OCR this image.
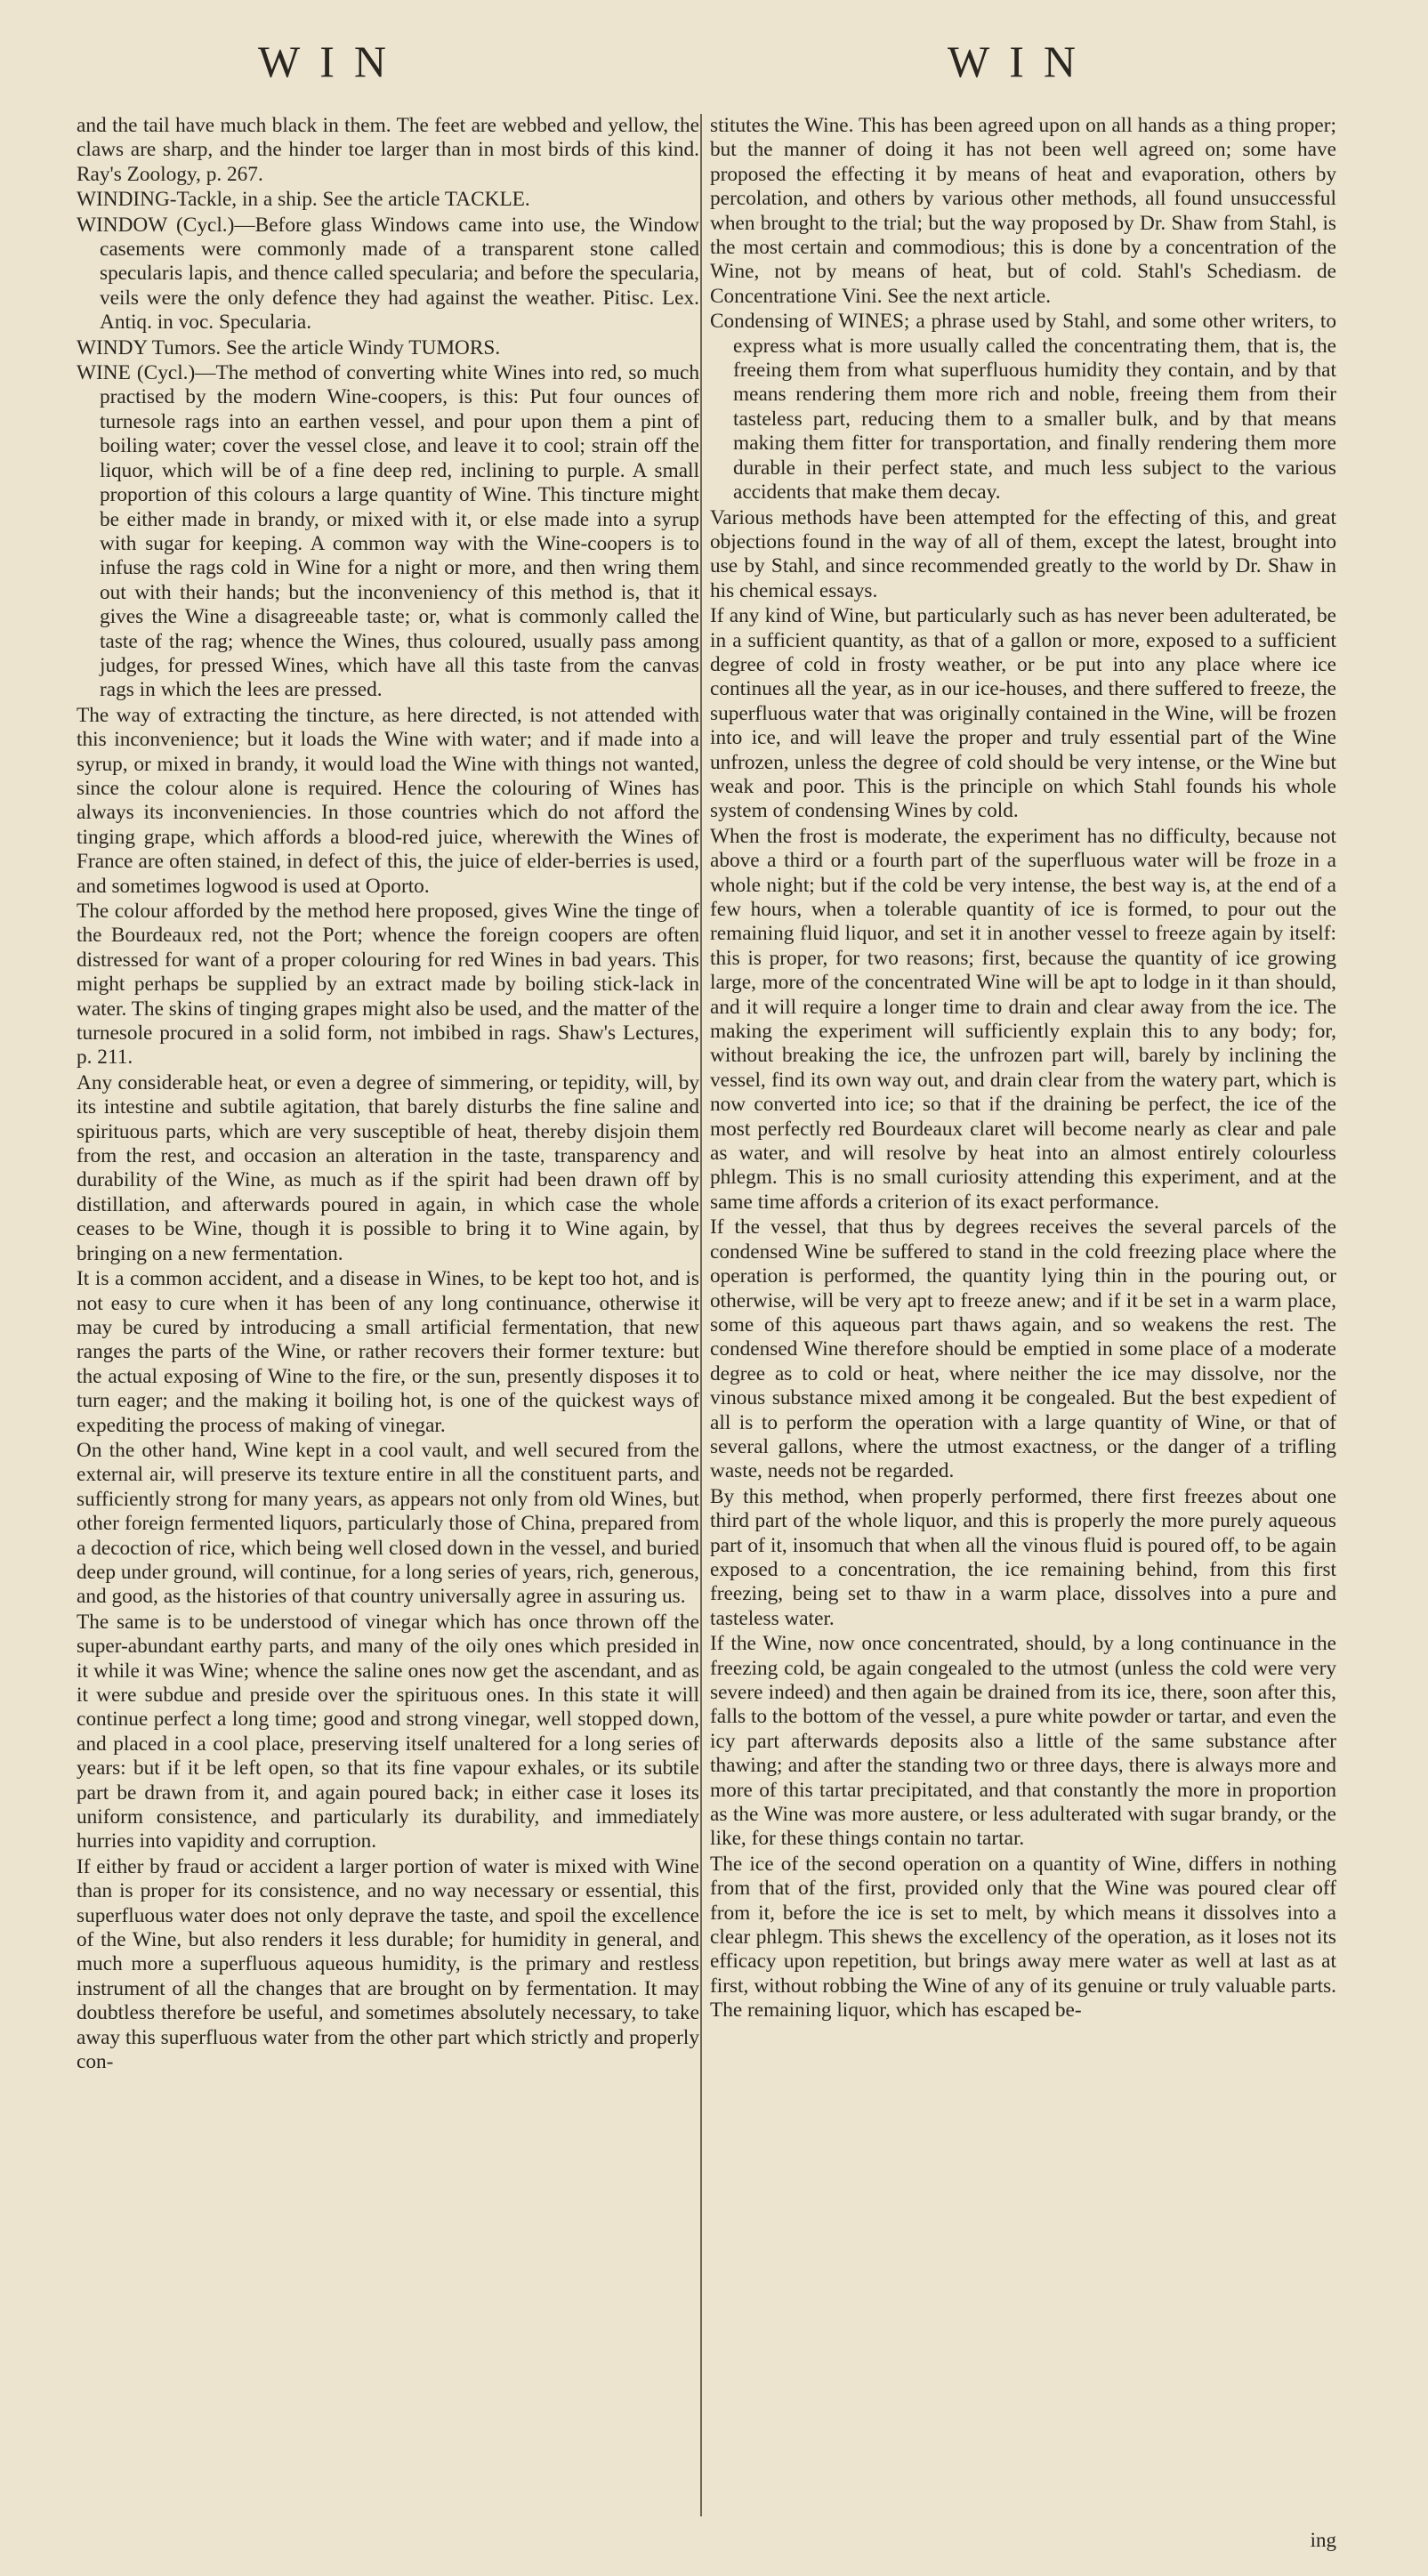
WIN	WIN

and the tail have much black in them. The feet are webbed and yellow, the claws are sharp, and the hinder toe larger than in most birds of this kind. Ray's Zoology, p. 267.

WINDING-Tackle, in a ship. See the article TACKLE.

WINDOW (Cycl.)—Before glass Windows came into use, the Window casements were commonly made of a transparent stone called specularis lapis, and thence called specularia; and before the specularia, veils were the only defence they had against the weather. Pitisc. Lex. Antiq. in voc. Specularia.

WINDY Tumors. See the article Windy TUMORS.

WINE (Cycl.)—The method of converting white Wines into red, so much practised by the modern Wine-coopers, is this: Put four ounces of turnesole rags into an earthen vessel, and pour upon them a pint of boiling water; cover the vessel close, and leave it to cool; strain off the liquor, which will be of a fine deep red, inclining to purple. A small proportion of this colours a large quantity of Wine. This tincture might be either made in brandy, or mixed with it, or else made into a syrup with sugar for keeping. A common way with the Wine-coopers is to infuse the rags cold in Wine for a night or more, and then wring them out with their hands; but the inconveniency of this method is, that it gives the Wine a disagreeable taste; or, what is commonly called the taste of the rag; whence the Wines, thus coloured, usually pass among judges, for pressed Wines, which have all this taste from the canvas rags in which the lees are pressed.

The way of extracting the tincture, as here directed, is not attended with this inconvenience; but it loads the Wine with water; and if made into a syrup, or mixed in brandy, it would load the Wine with things not wanted, since the colour alone is required. Hence the colouring of Wines has always its inconveniencies. In those countries which do not afford the tinging grape, which affords a blood-red juice, wherewith the Wines of France are often stained, in defect of this, the juice of elder-berries is used, and sometimes logwood is used at Oporto.

The colour afforded by the method here proposed, gives Wine the tinge of the Bourdeaux red, not the Port; whence the foreign coopers are often distressed for want of a proper colouring for red Wines in bad years. This might perhaps be supplied by an extract made by boiling stick-lack in water. The skins of tinging grapes might also be used, and the matter of the turnesole procured in a solid form, not imbibed in rags. Shaw's Lectures, p. 211.

Any considerable heat, or even a degree of simmering, or tepidity, will, by its intestine and subtile agitation, that barely disturbs the fine saline and spirituous parts, which are very susceptible of heat, thereby disjoin them from the rest, and occasion an alteration in the taste, transparency and durability of the Wine, as much as if the spirit had been drawn off by distillation, and afterwards poured in again, in which case the whole ceases to be Wine, though it is possible to bring it to Wine again, by bringing on a new fermentation.

It is a common accident, and a disease in Wines, to be kept too hot, and is not easy to cure when it has been of any long continuance, otherwise it may be cured by introducing a small artificial fermentation, that new ranges the parts of the Wine, or rather recovers their former texture: but the actual exposing of Wine to the fire, or the sun, presently disposes it to turn eager; and the making it boiling hot, is one of the quickest ways of expediting the process of making of vinegar.

On the other hand, Wine kept in a cool vault, and well secured from the external air, will preserve its texture entire in all the constituent parts, and sufficiently strong for many years, as appears not only from old Wines, but other foreign fermented liquors, particularly those of China, prepared from a decoction of rice, which being well closed down in the vessel, and buried deep under ground, will continue, for a long series of years, rich, generous, and good, as the histories of that country universally agree in assuring us.

The same is to be understood of vinegar which has once thrown off the super-abundant earthy parts, and many of the oily ones which presided in it while it was Wine; whence the saline ones now get the ascendant, and as it were subdue and preside over the spirituous ones. In this state it will continue perfect a long time; good and strong vinegar, well stopped down, and placed in a cool place, preserving itself unaltered for a long series of years: but if it be left open, so that its fine vapour exhales, or its subtile part be drawn from it, and again poured back; in either case it loses its uniform consistence, and particularly its durability, and immediately hurries into vapidity and corruption.

If either by fraud or accident a larger portion of water is mixed with Wine than is proper for its consistence, and no way necessary or essential, this superfluous water does not only deprave the taste, and spoil the excellence of the Wine, but also renders it less durable; for humidity in general, and much more a superfluous aqueous humidity, is the primary and restless instrument of all the changes that are brought on by fermentation. It may doubtless therefore be useful, and sometimes absolutely necessary, to take away this superfluous water from the other part which strictly and properly con-

stitutes the Wine. This has been agreed upon on all hands as a thing proper; but the manner of doing it has not been well agreed on; some have proposed the effecting it by means of heat and evaporation, others by percolation, and others by various other methods, all found unsuccessful when brought to the trial; but the way proposed by Dr. Shaw from Stahl, is the most certain and commodious; this is done by a concentration of the Wine, not by means of heat, but of cold. Stahl's Schediasm. de Concentratione Vini. See the next article.

Condensing of WINES; a phrase used by Stahl, and some other writers, to express what is more usually called the concentrating them, that is, the freeing them from what superfluous humidity they contain, and by that means rendering them more rich and noble, freeing them from their tasteless part, reducing them to a smaller bulk, and by that means making them fitter for transportation, and finally rendering them more durable in their perfect state, and much less subject to the various accidents that make them decay.

Various methods have been attempted for the effecting of this, and great objections found in the way of all of them, except the latest, brought into use by Stahl, and since recommended greatly to the world by Dr. Shaw in his chemical essays.

If any kind of Wine, but particularly such as has never been adulterated, be in a sufficient quantity, as that of a gallon or more, exposed to a sufficient degree of cold in frosty weather, or be put into any place where ice continues all the year, as in our ice-houses, and there suffered to freeze, the superfluous water that was originally contained in the Wine, will be frozen into ice, and will leave the proper and truly essential part of the Wine unfrozen, unless the degree of cold should be very intense, or the Wine but weak and poor. This is the principle on which Stahl founds his whole system of condensing Wines by cold.

When the frost is moderate, the experiment has no difficulty, because not above a third or a fourth part of the superfluous water will be froze in a whole night; but if the cold be very intense, the best way is, at the end of a few hours, when a tolerable quantity of ice is formed, to pour out the remaining fluid liquor, and set it in another vessel to freeze again by itself: this is proper, for two reasons; first, because the quantity of ice growing large, more of the concentrated Wine will be apt to lodge in it than should, and it will require a longer time to drain and clear away from the ice. The making the experiment will sufficiently explain this to any body; for, without breaking the ice, the unfrozen part will, barely by inclining the vessel, find its own way out, and drain clear from the watery part, which is now converted into ice; so that if the draining be perfect, the ice of the most perfectly red Bourdeaux claret will become nearly as clear and pale as water, and will resolve by heat into an almost entirely colourless phlegm. This is no small curiosity attending this experiment, and at the same time affords a criterion of its exact performance.

If the vessel, that thus by degrees receives the several parcels of the condensed Wine be suffered to stand in the cold freezing place where the operation is performed, the quantity lying thin in the pouring out, or otherwise, will be very apt to freeze anew; and if it be set in a warm place, some of this aqueous part thaws again, and so weakens the rest. The condensed Wine therefore should be emptied in some place of a moderate degree as to cold or heat, where neither the ice may dissolve, nor the vinous substance mixed among it be congealed. But the best expedient of all is to perform the operation with a large quantity of Wine, or that of several gallons, where the utmost exactness, or the danger of a trifling waste, needs not be regarded.

By this method, when properly performed, there first freezes about one third part of the whole liquor, and this is properly the more purely aqueous part of it, insomuch that when all the vinous fluid is poured off, to be again exposed to a concentration, the ice remaining behind, from this first freezing, being set to thaw in a warm place, dissolves into a pure and tasteless water.

If the Wine, now once concentrated, should, by a long continuance in the freezing cold, be again congealed to the utmost (unless the cold were very severe indeed) and then again be drained from its ice, there, soon after this, falls to the bottom of the vessel, a pure white powder or tartar, and even the icy part afterwards deposits also a little of the same substance after thawing; and after the standing two or three days, there is always more and more of this tartar precipitated, and that constantly the more in proportion as the Wine was more austere, or less adulterated with sugar brandy, or the like, for these things contain no tartar.

The ice of the second operation on a quantity of Wine, differs in nothing from that of the first, provided only that the Wine was poured clear off from it, before the ice is set to melt, by which means it dissolves into a clear phlegm. This shews the excellency of the operation, as it loses not its efficacy upon repetition, but brings away mere water as well at last as at first, without robbing the Wine of any of its genuine or truly valuable parts. The remaining liquor, which has escaped be-

ing
